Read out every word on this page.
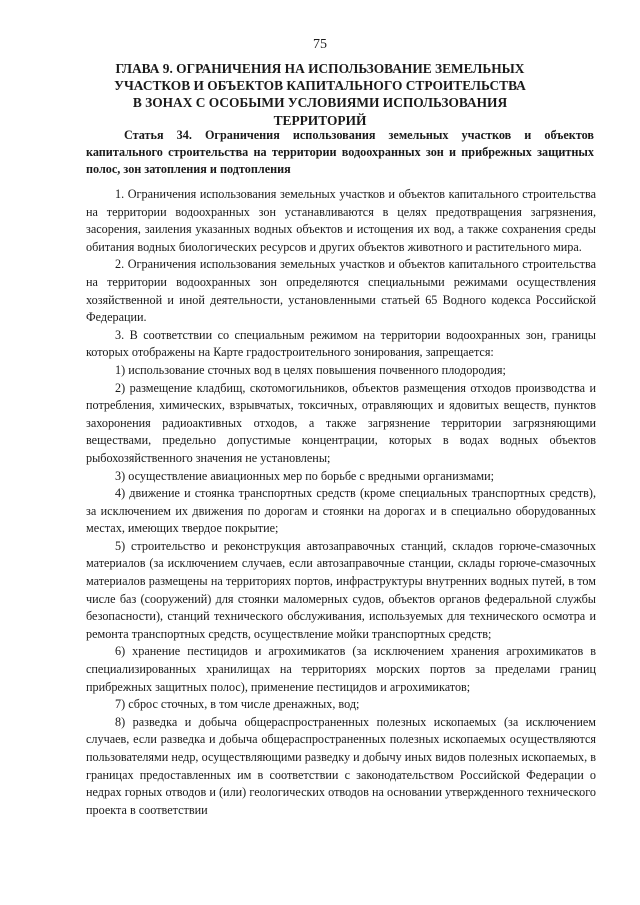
75
ГЛАВА 9. ОГРАНИЧЕНИЯ НА ИСПОЛЬЗОВАНИЕ ЗЕМЕЛЬНЫХ УЧАСТКОВ И ОБЪЕКТОВ КАПИТАЛЬНОГО СТРОИТЕЛЬСТВА В ЗОНАХ С ОСОБЫМИ УСЛОВИЯМИ ИСПОЛЬЗОВАНИЯ ТЕРРИТОРИЙ
Статья 34. Ограничения использования земельных участков и объектов капитального строительства на территории водоохранных зон и прибрежных защитных полос, зон затопления и подтопления

1. Ограничения использования земельных участков и объектов капитального строительства на территории водоохранных зон устанавливаются в целях предотвращения загрязнения, засорения, заиления указанных водных объектов и истощения их вод, а также сохранения среды обитания водных биологических ресурсов и других объектов животного и растительного мира.

2. Ограничения использования земельных участков и объектов капитального строительства на территории водоохранных зон определяются специальными режимами осуществления хозяйственной и иной деятельности, установленными статьей 65 Водного кодекса Российской Федерации.

3. В соответствии со специальным режимом на территории водоохранных зон, границы которых отображены на Карте градостроительного зонирования, запрещается:

1) использование сточных вод в целях повышения почвенного плодородия;

2) размещение кладбищ, скотомогильников, объектов размещения отходов производства и потребления, химических, взрывчатых, токсичных, отравляющих и ядовитых веществ, пунктов захоронения радиоактивных отходов, а также загрязнение территории загрязняющими веществами, предельно допустимые концентрации, которых в водах водных объектов рыбохозяйственного значения не установлены;

3) осуществление авиационных мер по борьбе с вредными организмами;

4) движение и стоянка транспортных средств (кроме специальных транспортных средств), за исключением их движения по дорогам и стоянки на дорогах и в специально оборудованных местах, имеющих твердое покрытие;

5) строительство и реконструкция автозаправочных станций, складов горюче-смазочных материалов (за исключением случаев, если автозаправочные станции, склады горюче-смазочных материалов размещены на территориях портов, инфраструктуры внутренних водных путей, в том числе баз (сооружений) для стоянки маломерных судов, объектов органов федеральной службы безопасности), станций технического обслуживания, используемых для технического осмотра и ремонта транспортных средств, осуществление мойки транспортных средств;

6) хранение пестицидов и агрохимикатов (за исключением хранения агрохимикатов в специализированных хранилищах на территориях морских портов за пределами границ прибрежных защитных полос), применение пестицидов и агрохимикатов;

7) сброс сточных, в том числе дренажных, вод;

8) разведка и добыча общераспространенных полезных ископаемых (за исключением случаев, если разведка и добыча общераспространенных полезных ископаемых осуществляются пользователями недр, осуществляющими разведку и добычу иных видов полезных ископаемых, в границах предоставленных им в соответствии с законодательством Российской Федерации о недрах горных отводов и (или) геологических отводов на основании утвержденного технического проекта в соответствии
